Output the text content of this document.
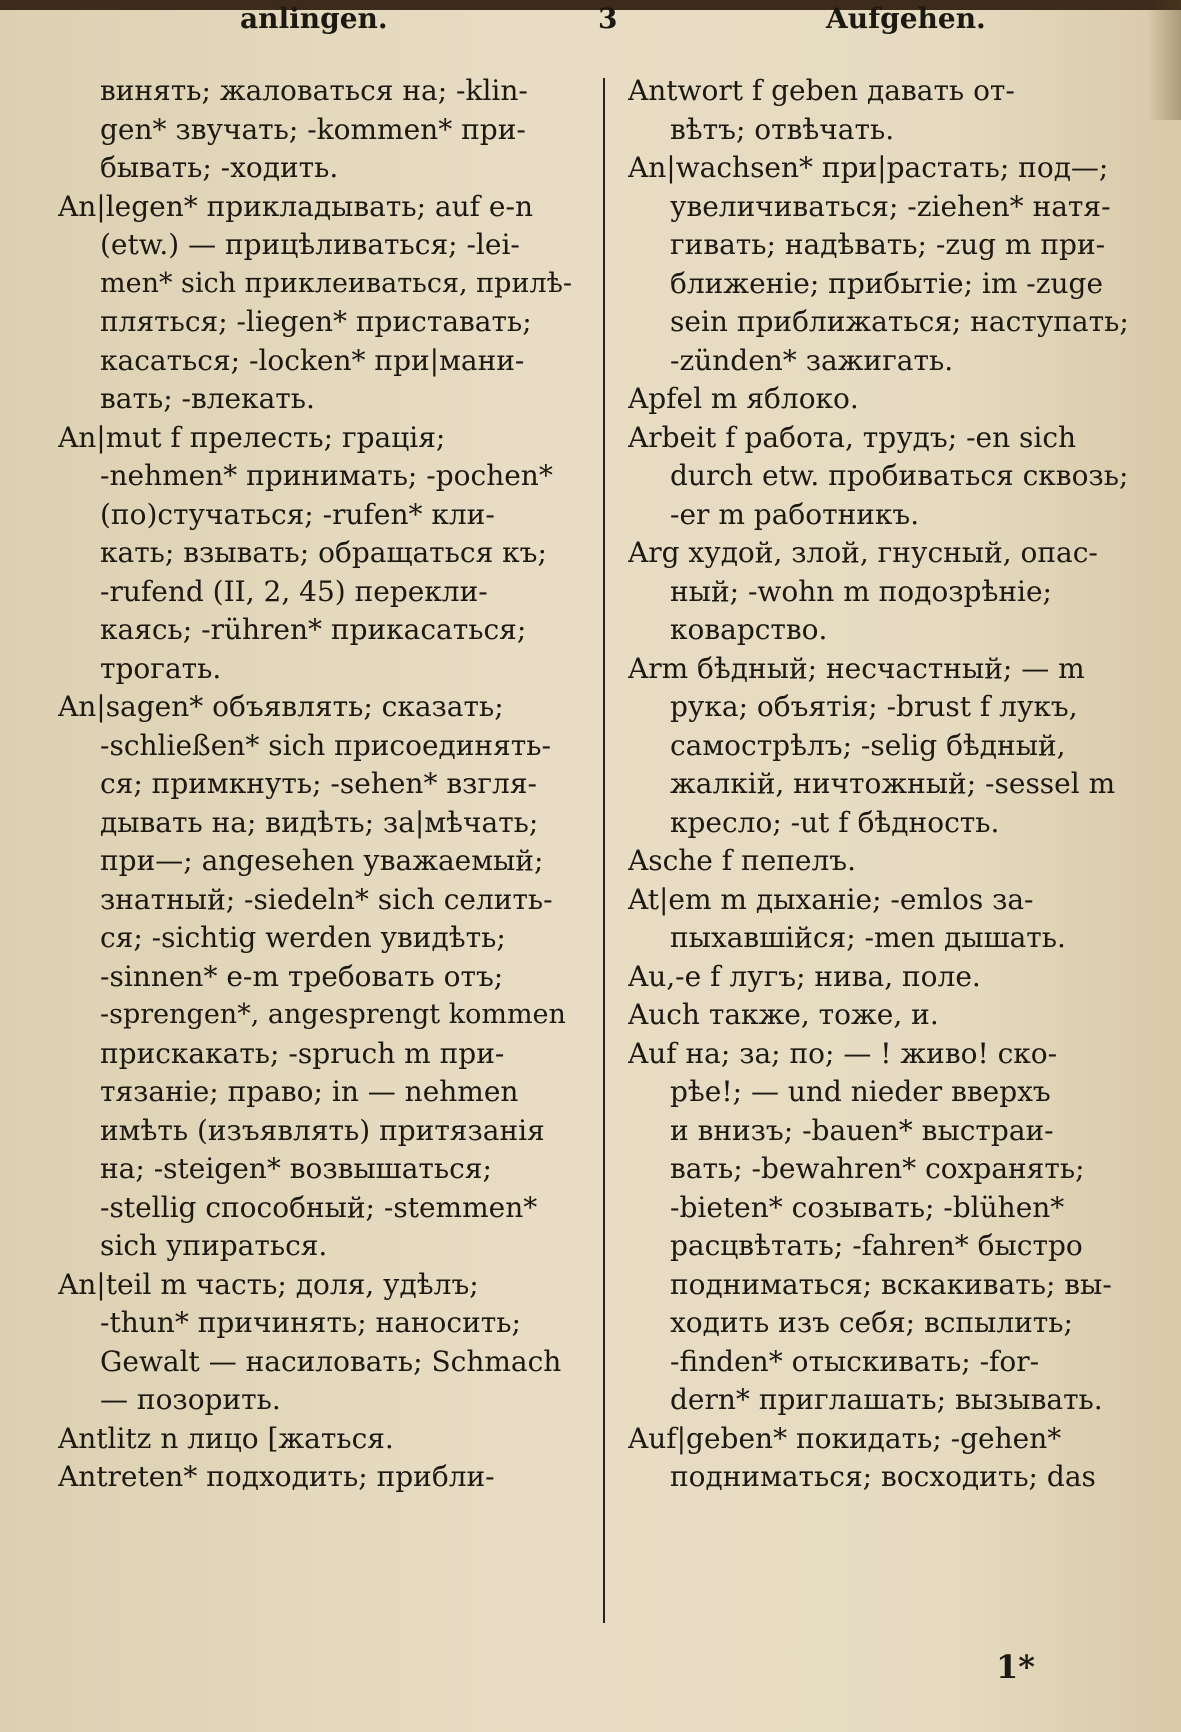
anlingen.	3	Aufgehen.
винять; жаловаться на; -klin-
gen* звучать; -kommen* при-
бывать; -ходить.
An|legen* прикладывать; auf e-n
(etw.) — прицѣливаться; -lei-
men* sich приклеиваться, прилѣ-
пляться; -liegen* приставать;
касаться; -locken* при|мани-
вать; -влекать.
An|mut f прелесть; грація;
-nehmen* принимать; -pochen*
(по)стучаться; -rufen* кли-
кать; взывать; обращаться къ;
-rufend (II, 2, 45) перекли-
каясь; -rühren* прикасаться;
трогать.
An|sagen* объявлять; сказать;
-schließen* sich присоединять-
ся; примкнуть; -sehen* взгля-
дывать на; видѣть; за|мѣчать;
при—; angesehen уважаемый;
знатный; -siedeln* sich селить-
ся; -sichtig werden увидѣть;
-sinnen* e-m требовать отъ;
-sprengen*, angesprengt kommen
прискакать; -spruch m при-
тязаніе; право; in — nehmen
имѣть (изъявлять) притязанія
на; -steigen* возвышаться;
-stellig способный; -stemmen*
sich упираться.
An|teil m часть; доля, удѣлъ;
-thun* причинять; наносить;
Gewalt — насиловать; Schmach
— позорить.
Antlitz n лицо [жаться.
Antreten* подходить; прибли-
Antwort f geben давать от-
вѣтъ; отвѣчать.
An|wachsen* при|растать; под—;
увеличиваться; -ziehen* натя-
гивать; надѣвать; -zug m при-
ближеніе; прибытіе; im -zuge
sein приближаться; наступать;
-zünden* зажигать.
Apfel m яблоко.
Arbeit f работа, трудъ; -en sich
durch etw. пробиваться сквозь;
-er m работникъ.
Arg худой, злой, гнусный, опас-
ный; -wohn m подозрѣніе;
коварство.
Arm бѣдный; несчастный; — m
рука; объятія; -brust f лукъ,
самострѣлъ; -selig бѣдный,
жалкій, ничтожный; -sessel m
кресло; -ut f бѣдность.
Asche f пепелъ.
At|em m дыханіе; -emlos за-
пыхавшійся; -men дышать.
Au,-e f лугъ; нива, поле.
Auch также, тоже, и.
Auf на; за; по; — ! живо! ско-
рѣе!; — und nieder вверхъ
и внизъ; -bauen* выстраи-
вать; -bewahren* сохранять;
-bieten* созывать; -blühen*
расцвѣтать; -fahren* быстро
подниматься; вскакивать; вы-
ходить изъ себя; вспылить;
-finden* отыскивать; -for-
dern* приглашать; вызывать.
Auf|geben* покидать; -gehen*
подниматься; восходить; das
1*
